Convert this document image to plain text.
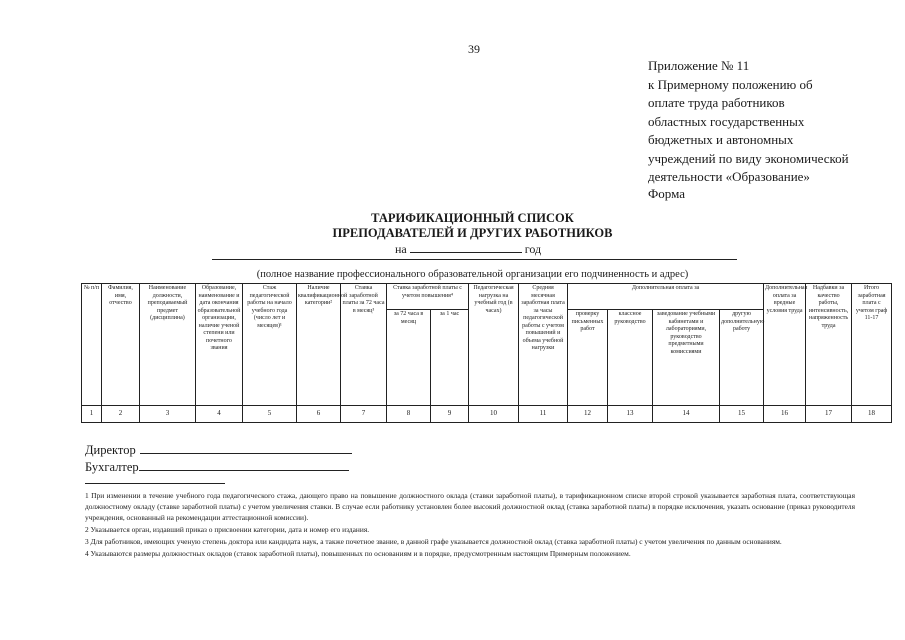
39
Приложение № 11
к Примерному положению об
оплате труда работников
областных государственных
бюджетных и автономных
учреждений по виду экономической
деятельности «Образование»
Форма
ТАРИФИКАЦИОННЫЙ СПИСОК
ПРЕПОДАВАТЕЛЕЙ И ДРУГИХ РАБОТНИКОВ
на	год
(полное название профессионального образовательной организации его подчиненность и адрес)
№ п/п	Фамилия, имя, отчество	Наименование должности, преподаваемый предмет (дисциплина)	Образование, наименование и дата окончания образовательной организации, наличие ученой степени или почетного звания	Стаж педагогической работы на начало учебного года (число лет и месяцев)¹	Наличие квалификационной категории²	Ставка заработной платы за 72 часа в месяц³	Ставка заработной платы с учетом повышения⁴		Педагогическая нагрузка на учебный год (в часах)	Средняя месячная заработная плата за часы педагогической работы с учетом повышений и объема учебной нагрузки	Дополнительная оплата за				Дополнительная оплата за вредные условия труда	Надбавки за качество работы, интенсивность, напряженность труда	Итого заработная плата с учетом граф 11-17
							за 72 часа в месяц	за 1 час			проверку письменных работ	классное руководство	заведование учебными кабинетами и лабораториями, руководство предметными комиссиями	другую дополнительную работу			
1	2	3	4	5	6	7	8	9	10	11	12	13	14	15	16	17	18
Директор
Бухгалтер

1 При изменении в течение учебного года педагогического стажа, дающего право на повышение должностного оклада (ставки заработной платы), в тарификационном списке второй строкой указывается заработная плата, соответствующая должностному окладу (ставке заработной платы) с учетом увеличения ставки. В случае если работнику установлен более высокий должностной оклад (ставка заработной платы) в порядке исключения, указать основание (приказ руководителя учреждения, основанный на рекомендации аттестационной комиссии).

2 Указывается орган, издавший приказ о присвоении категории, дата и номер его издания.

3 Для работников, имеющих ученую степень доктора или кандидата наук, а также почетное звание, в данной графе указывается должностной оклад (ставка заработной платы) с учетом увеличения по данным основаниям.

4 Указываются размеры должностных окладов (ставок заработной платы), повышенных по основаниям и в порядке, предусмотренным настоящим Примерным положением.
